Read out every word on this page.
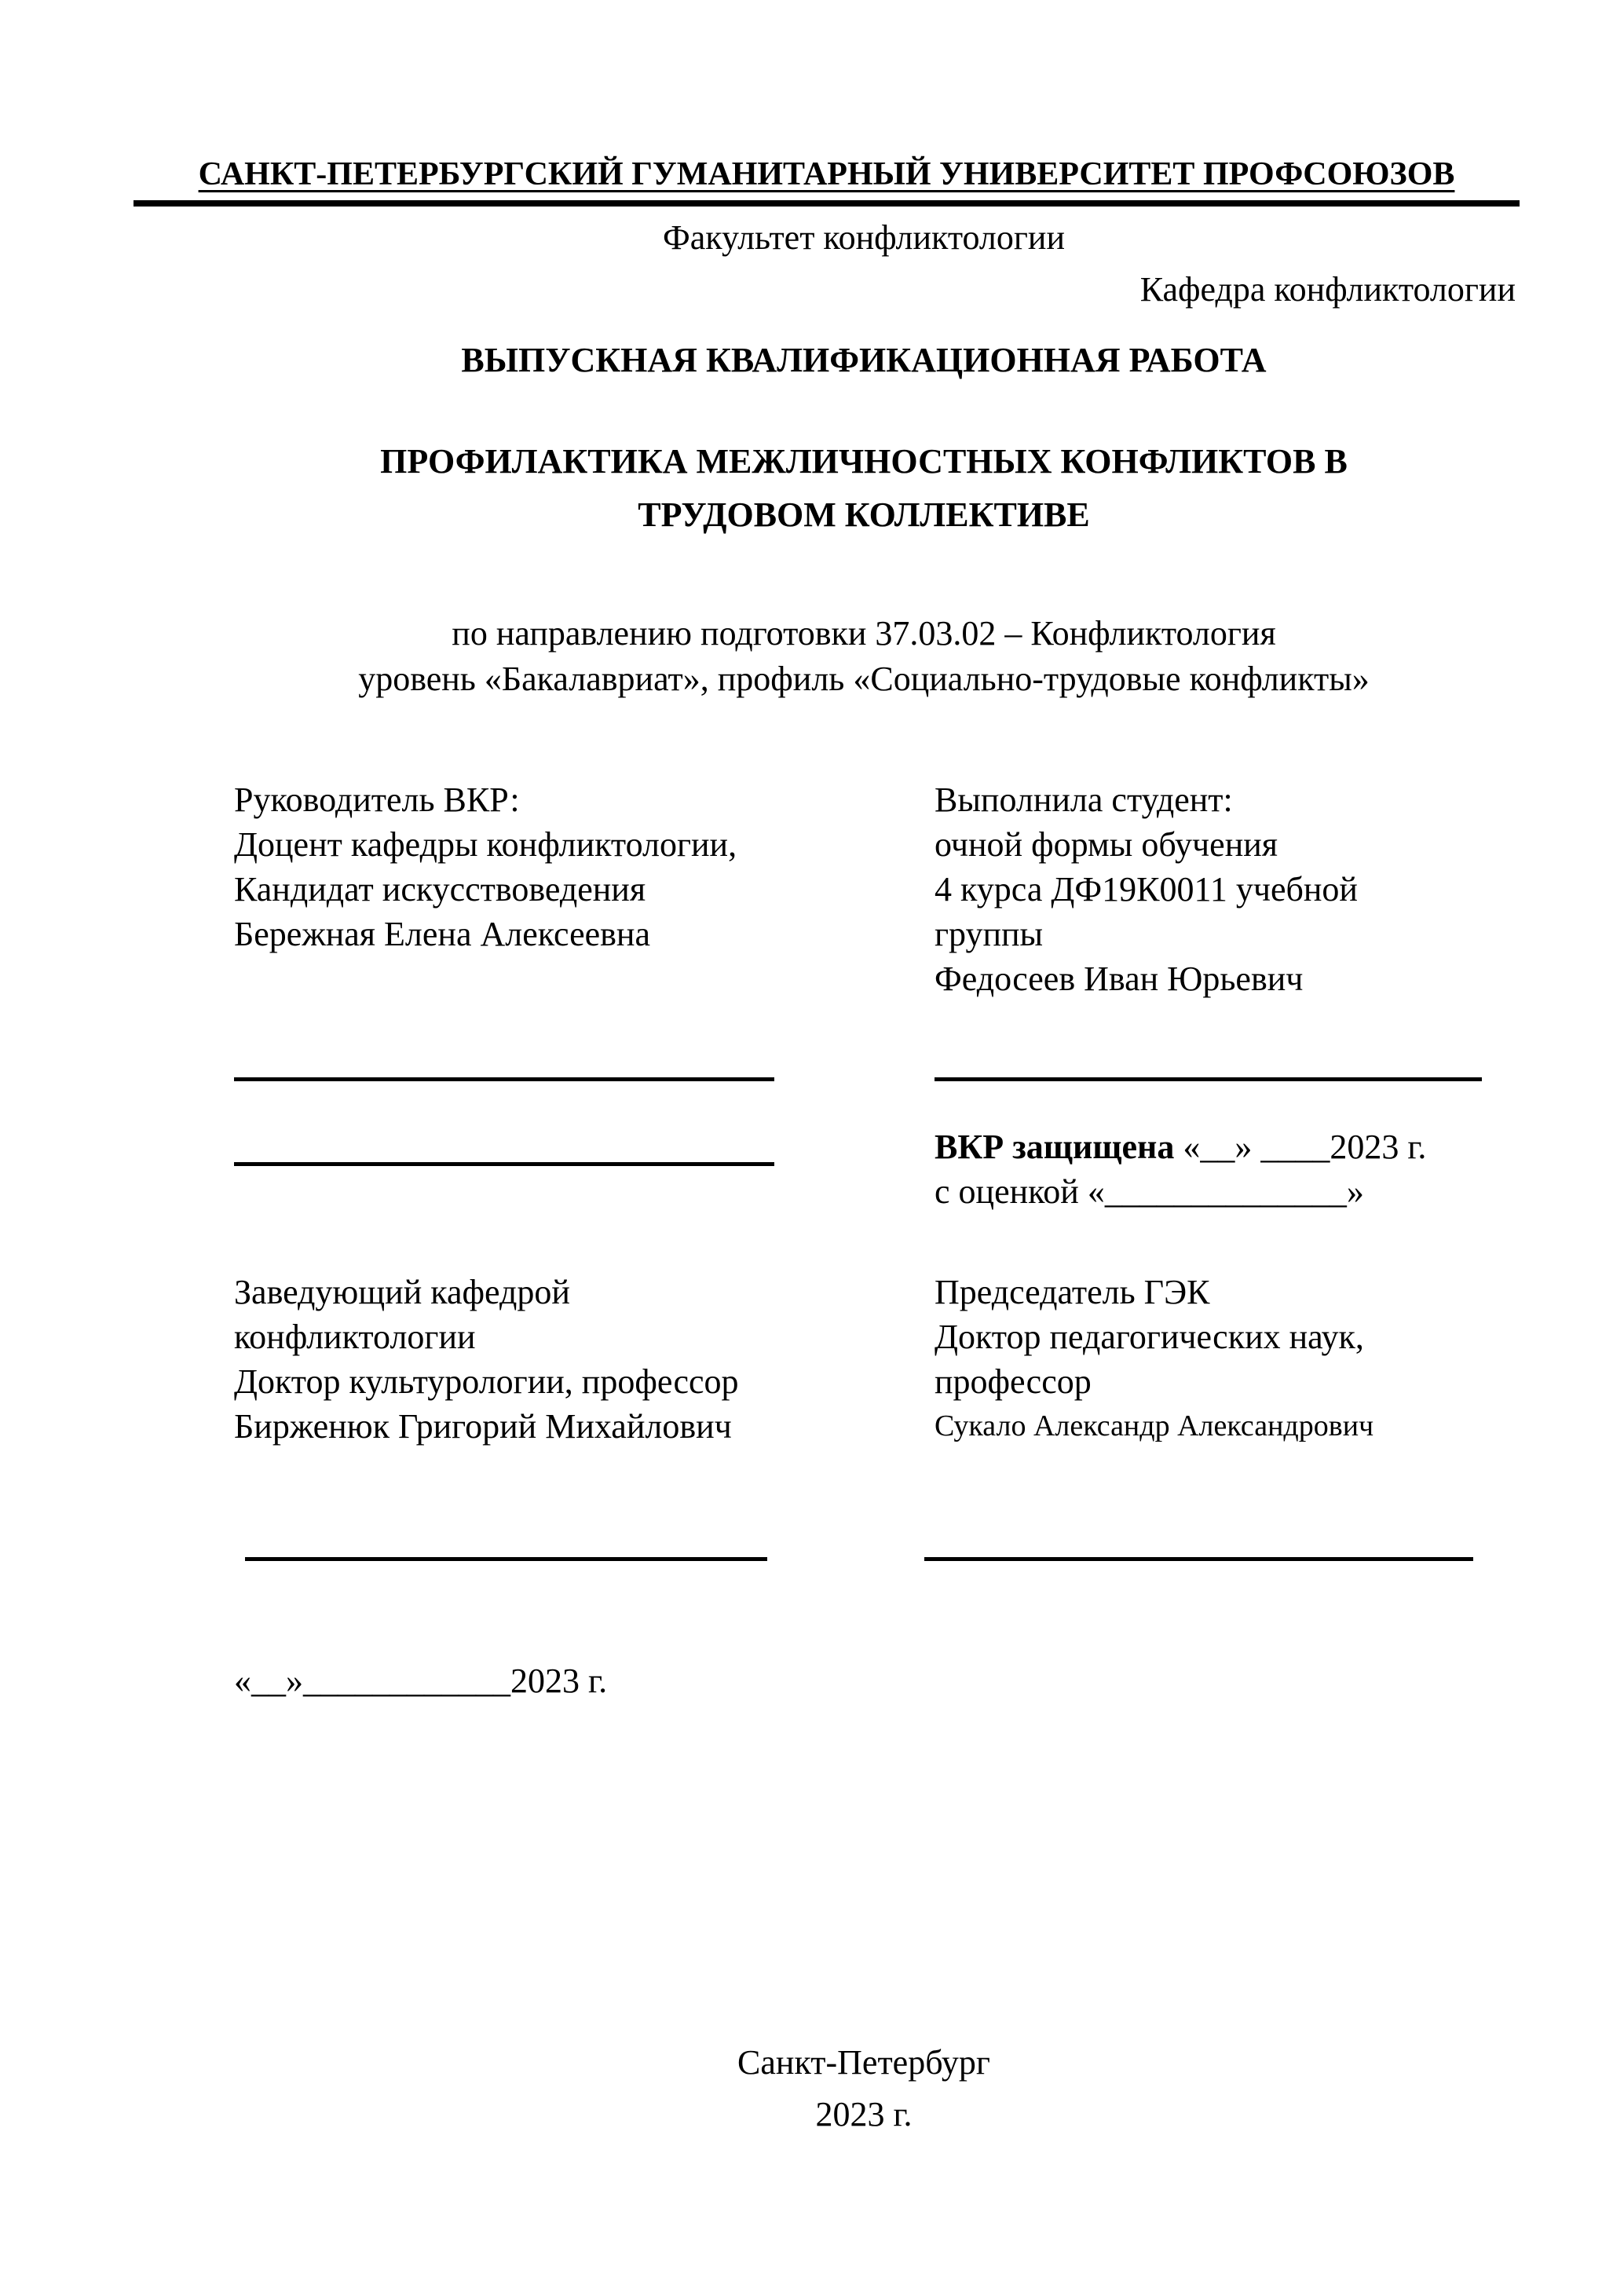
САНКТ-ПЕТЕРБУРГСКИЙ ГУМАНИТАРНЫЙ УНИВЕРСИТЕТ ПРОФСОЮЗОВ
Факультет конфликтологии
Кафедра конфликтологии
ВЫПУСКНАЯ КВАЛИФИКАЦИОННАЯ РАБОТА
ПРОФИЛАКТИКА МЕЖЛИЧНОСТНЫХ КОНФЛИКТОВ В
ТРУДОВОМ КОЛЛЕКТИВЕ
по направлению подготовки 37.03.02 – Конфликтология
уровень «Бакалавриат», профиль «Социально-трудовые конфликты»
Руководитель ВКР:
Доцент кафедры конфликтологии,
Кандидат искусствоведения
Бережная Елена Алексеевна
Выполнила студент:
очной формы обучения
4 курса ДФ19К0011 учебной
группы
Федосеев Иван Юрьевич
ВКР защищена «__» ____2023 г.
с оценкой «______________»
Заведующий кафедрой
конфликтологии
Доктор культурологии, профессор
Бирженюк Григорий Михайлович
Председатель ГЭК
Доктор педагогических наук,
профессор
Сукало Александр Александрович
«__»____________2023 г.
Санкт-Петербург
2023 г.
